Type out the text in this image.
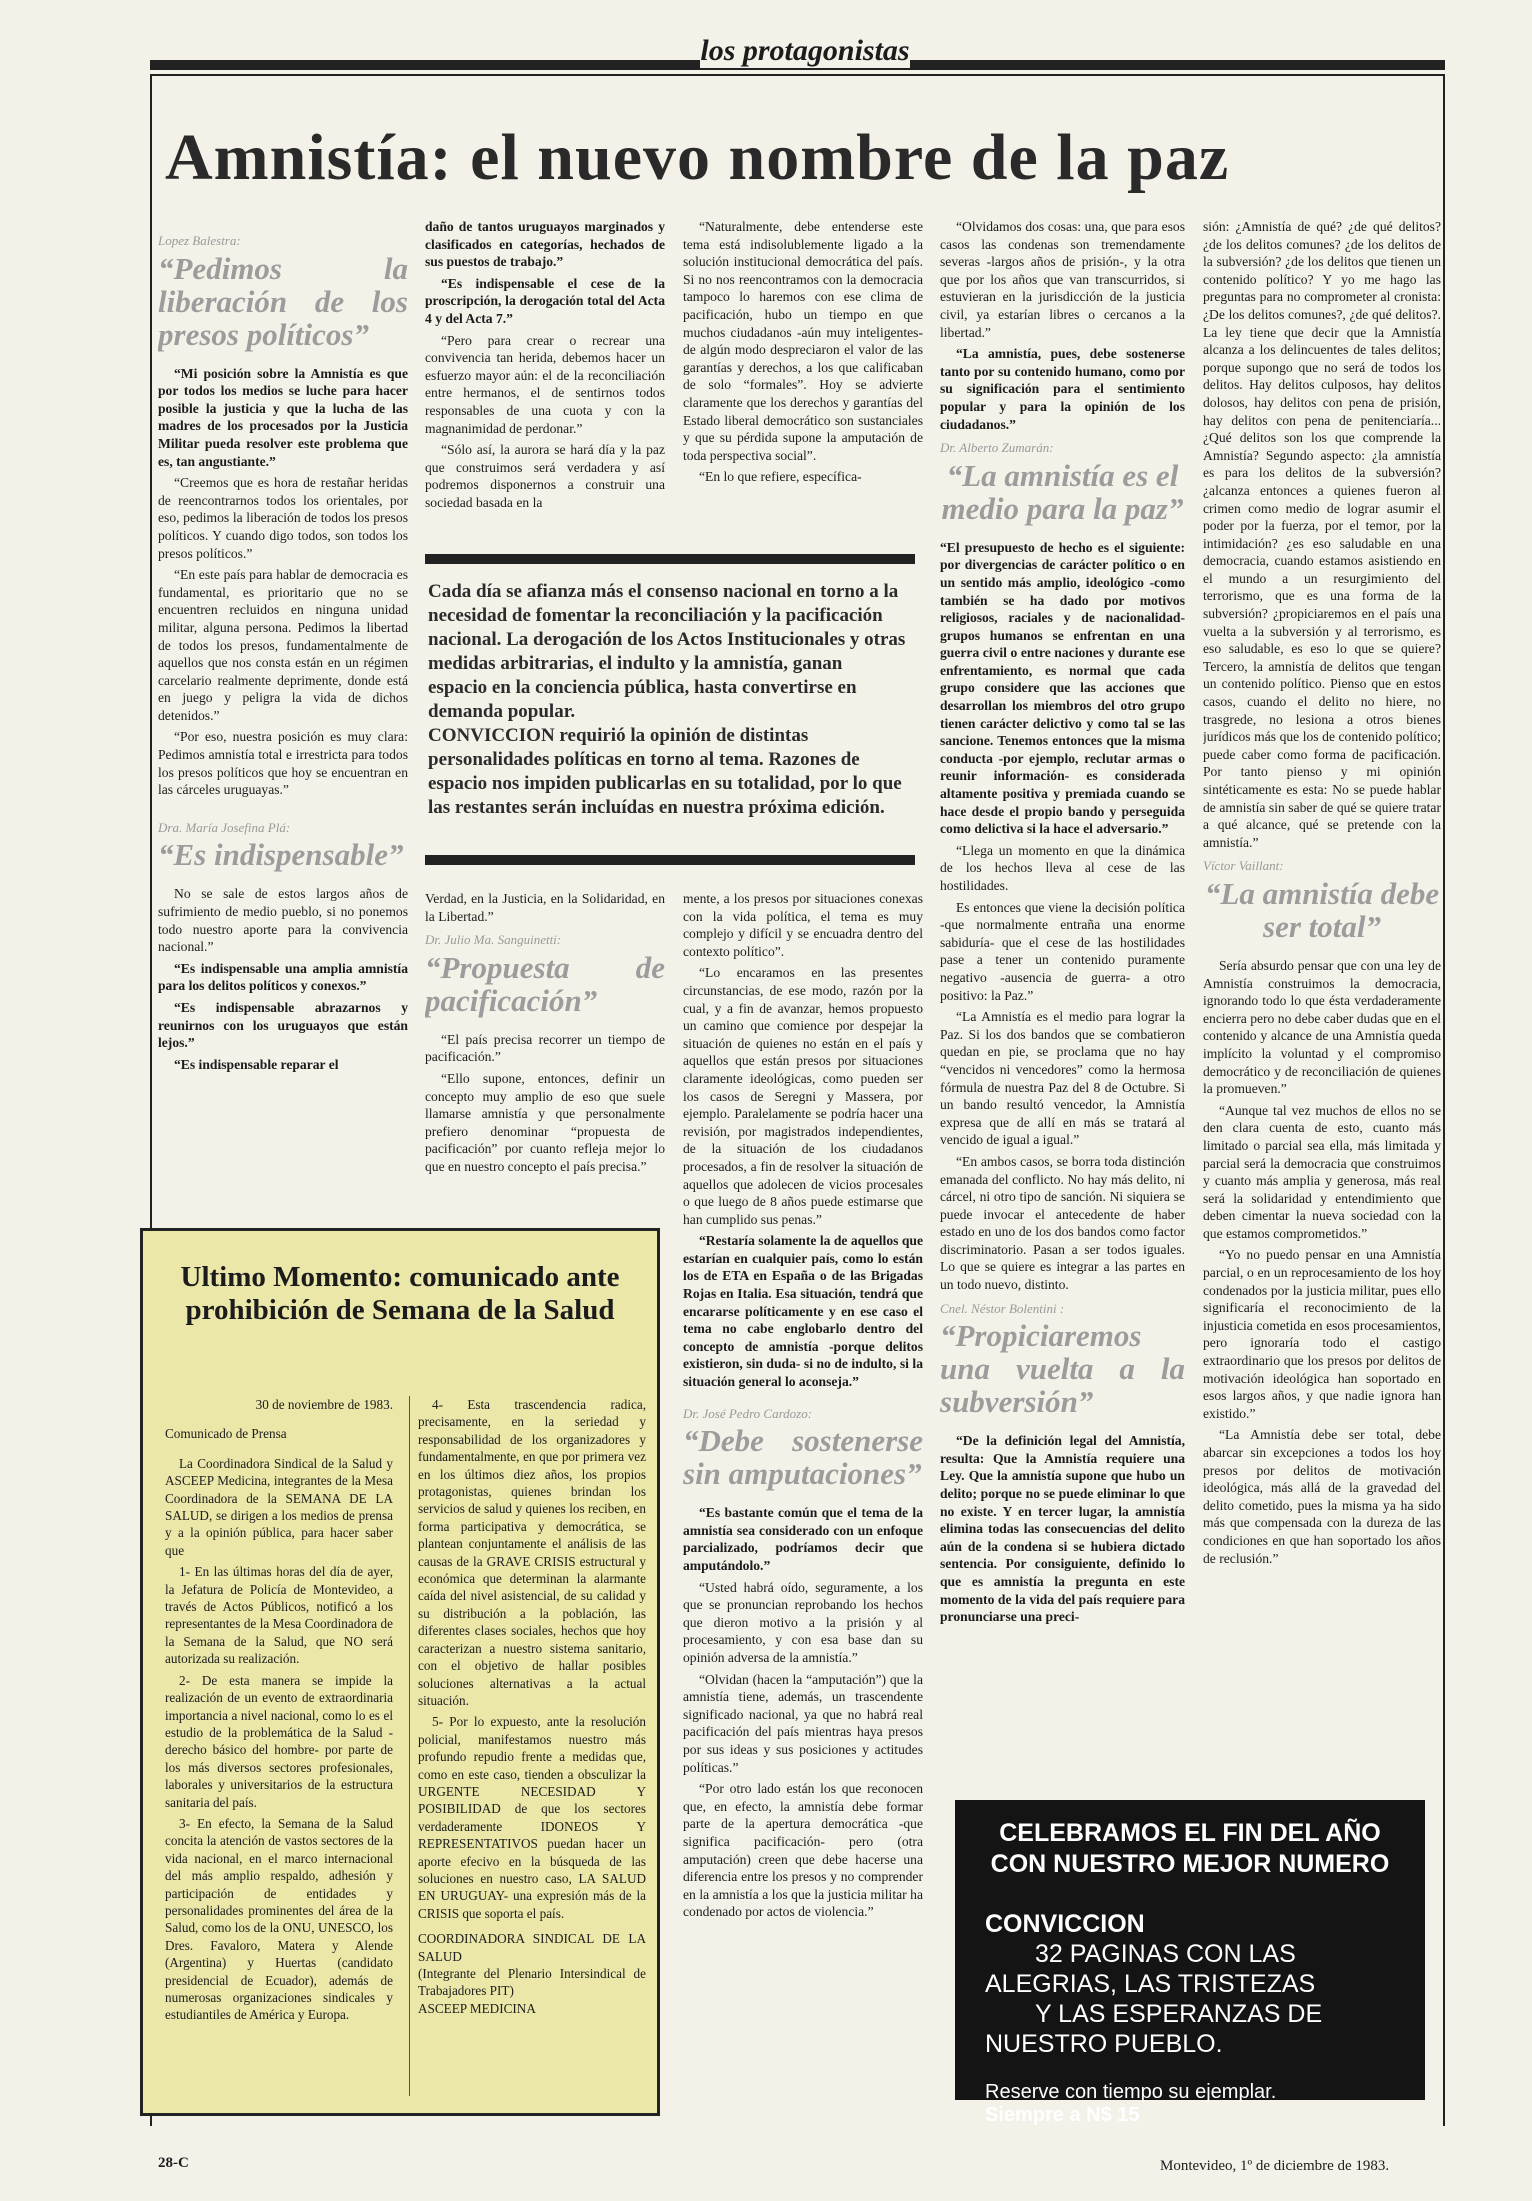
los protagonistas
Amnistía: el nuevo nombre de la paz
Lopez Balestra:
“Pedimos la liberación de los presos políticos”

“Mi posición sobre la Amnistía es que por todos los medios se luche para hacer posible la justicia y que la lucha de las madres de los procesados por la Justicia Militar pueda resolver este problema que es, tan angustiante.”

“Creemos que es hora de restañar heridas de reencontrarnos todos los orientales, por eso, pedimos la liberación de todos los presos políticos. Y cuando digo todos, son todos los presos políticos.”

“En este país para hablar de democracia es fundamental, es prioritario que no se encuentren recluidos en ninguna unidad militar, alguna persona. Pedimos la libertad de todos los presos, fundamentalmente de aquellos que nos consta están en un régimen carcelario realmente deprimente, donde está en juego y peligra la vida de dichos detenidos.”

“Por eso, nuestra posición es muy clara: Pedimos amnistía total e irrestricta para todos los presos políticos que hoy se encuentran en las cárceles uruguayas.”

Dra. María Josefina Plá:
“Es indispensable”

No se sale de estos largos años de sufrimiento de medio pueblo, si no ponemos todo nuestro aporte para la convivencia nacional.”

“Es indispensable una amplia amnistía para los delitos políticos y conexos.”

“Es indispensable abrazarnos y reunirnos con los uruguayos que están lejos.”

“Es indispensable reparar el

daño de tantos uruguayos marginados y clasificados en categorías, hechados de sus puestos de trabajo.”

“Es indispensable el cese de la proscripción, la derogación total del Acta 4 y del Acta 7.”

“Pero para crear o recrear una convivencia tan herida, debemos hacer un esfuerzo mayor aún: el de la reconciliación entre hermanos, el de sentirnos todos responsables de una cuota y con la magnanimidad de perdonar.”

“Sólo así, la aurora se hará día y la paz que construimos será verdadera y así podremos disponernos a construir una sociedad basada en la

“Naturalmente, debe entenderse este tema está indisolublemente ligado a la solución institucional democrática del país. Si no nos reencontramos con la democracia tampoco lo haremos con ese clima de pacificación, hubo un tiempo en que muchos ciudadanos -aún muy inteligentes- de algún modo despreciaron el valor de las garantías y derechos, a los que calificaban de solo “formales”. Hoy se advierte claramente que los derechos y garantías del Estado liberal democrático son sustanciales y que su pérdida supone la amputación de toda perspectiva social”.

“En lo que refiere, específica-

Cada día se afianza más el consenso nacional en torno a la necesidad de fomentar la reconciliación y la pacificación nacional. La derogación de los Actos Institucionales y otras medidas arbitrarias, el indulto y la amnistía, ganan espacio en la conciencia pública, hasta convertirse en demanda popular.

CONVICCION requirió la opinión de distintas personalidades políticas en torno al tema. Razones de espacio nos impiden publicarlas en su totalidad, por lo que las restantes serán incluídas en nuestra próxima edición.

Verdad, en la Justicia, en la Solidaridad, en la Libertad.”

Dr. Julio Ma. Sanguinetti:
“Propuesta de pacificación”

“El país precisa recorrer un tiempo de pacificación.”

“Ello supone, entonces, definir un concepto muy amplio de eso que suele llamarse amnistía y que personalmente prefiero denominar “propuesta de pacificación” por cuanto refleja mejor lo que en nuestro concepto el país precisa.”

mente, a los presos por situaciones conexas con la vida política, el tema es muy complejo y difícil y se encuadra dentro del contexto político”.

“Lo encaramos en las presentes circunstancias, de ese modo, razón por la cual, y a fin de avanzar, hemos propuesto un camino que comience por despejar la situación de quienes no están en el país y aquellos que están presos por situaciones claramente ideológicas, como pueden ser los casos de Seregni y Massera, por ejemplo. Paralelamente se podría hacer una revisión, por magistrados independientes, de la situación de los ciudadanos procesados, a fin de resolver la situación de aquellos que adolecen de vicios procesales o que luego de 8 años puede estimarse que han cumplido sus penas.”

“Restaría solamente la de aquellos que estarían en cualquier país, como lo están los de ETA en España o de las Brigadas Rojas en Italia. Esa situación, tendrá que encararse políticamente y en ese caso el tema no cabe englobarlo dentro del concepto de amnistía -porque delitos existieron, sin duda- si no de indulto, si la situación general lo aconseja.”

Dr. José Pedro Cardozo:
“Debe sostenerse sin amputaciones”

“Es bastante común que el tema de la amnistía sea considerado con un enfoque parcializado, podríamos decir que amputándolo.”

“Usted habrá oído, seguramente, a los que se pronuncian reprobando los hechos que dieron motivo a la prisión y al procesamiento, y con esa base dan su opinión adversa de la amnistía.”

“Olvidan (hacen la “amputación”) que la amnistía tiene, además, un trascendente significado nacional, ya que no habrá real pacificación del país mientras haya presos por sus ideas y sus posiciones y actitudes políticas.”

“Por otro lado están los que reconocen que, en efecto, la amnistía debe formar parte de la apertura democrática -que significa pacificación- pero (otra amputación) creen que debe hacerse una diferencia entre los presos y no comprender en la amnistía a los que la justicia militar ha condenado por actos de violencia.”

“Olvidamos dos cosas: una, que para esos casos las condenas son tremendamente severas -largos años de prisión-, y la otra que por los años que van transcurridos, si estuvieran en la jurisdicción de la justicia civil, ya estarían libres o cercanos a la libertad.”

“La amnistía, pues, debe sostenerse tanto por su contenido humano, como por su significación para el sentimiento popular y para la opinión de los ciudadanos.”

Dr. Alberto Zumarán:
“La amnistía es el medio para la paz”

“El presupuesto de hecho es el siguiente: por divergencias de carácter político o en un sentido más amplio, ideológico -como también se ha dado por motivos religiosos, raciales y de nacionalidad- grupos humanos se enfrentan en una guerra civil o entre naciones y durante ese enfrentamiento, es normal que cada grupo considere que las acciones que desarrollan los miembros del otro grupo tienen carácter delictivo y como tal se las sancione. Tenemos entonces que la misma conducta -por ejemplo, reclutar armas o reunir información- es considerada altamente positiva y premiada cuando se hace desde el propio bando y perseguida como delictiva si la hace el adversario.”

“Llega un momento en que la dinámica de los hechos lleva al cese de las hostilidades.

Es entonces que viene la decisión política -que normalmente entraña una enorme sabiduría- que el cese de las hostilidades pase a tener un contenido puramente negativo -ausencia de guerra- a otro positivo: la Paz.”

“La Amnistía es el medio para lograr la Paz. Si los dos bandos que se combatieron quedan en pie, se proclama que no hay “vencidos ni vencedores” como la hermosa fórmula de nuestra Paz del 8 de Octubre. Si un bando resultó vencedor, la Amnistía expresa que de allí en más se tratará al vencido de igual a igual.”

“En ambos casos, se borra toda distinción emanada del conflicto. No hay más delito, ni cárcel, ni otro tipo de sanción. Ni siquiera se puede invocar el antecedente de haber estado en uno de los dos bandos como factor discriminatorio. Pasan a ser todos iguales. Lo que se quiere es integrar a las partes en un todo nuevo, distinto.

Cnel. Néstor Bolentini :
“Propiciaremos una vuelta a la subversión”

“De la definición legal del Amnistía, resulta: Que la Amnistía requiere una Ley. Que la amnistía supone que hubo un delito; porque no se puede eliminar lo que no existe. Y en tercer lugar, la amnistía elimina todas las consecuencias del delito aún de la condena si se hubiera dictado sentencia. Por consiguiente, definido lo que es amnistía la pregunta en este momento de la vida del país requiere para pronunciarse una preci-

sión: ¿Amnistía de qué? ¿de qué delitos? ¿de los delitos comunes? ¿de los delitos de la subversión? ¿de los delitos que tienen un contenido político? Y yo me hago las preguntas para no comprometer al cronista: ¿De los delitos comunes?, ¿de qué delitos?. La ley tiene que decir que la Amnistía alcanza a los delincuentes de tales delitos; porque supongo que no será de todos los delitos. Hay delitos culposos, hay delitos dolosos, hay delitos con pena de prisión, hay delitos con pena de penitenciaría... ¿Qué delitos son los que comprende la Amnistía? Segundo aspecto: ¿la amnistía es para los delitos de la subversión? ¿alcanza entonces a quienes fueron al crimen como medio de lograr asumir el poder por la fuerza, por el temor, por la intimidación? ¿es eso saludable en una democracia, cuando estamos asistiendo en el mundo a un resurgimiento del terrorismo, que es una forma de la subversión? ¿propiciaremos en el país una vuelta a la subversión y al terrorismo, es eso saludable, es eso lo que se quiere? Tercero, la amnistía de delitos que tengan un contenido político. Pienso que en estos casos, cuando el delito no hiere, no trasgrede, no lesiona a otros bienes jurídicos más que los de contenido político; puede caber como forma de pacificación. Por tanto pienso y mi opinión sintéticamente es esta: No se puede hablar de amnistía sin saber de qué se quiere tratar a qué alcance, qué se pretende con la amnistía.”

Víctor Vaillant:
“La amnistía debe ser total”

Sería absurdo pensar que con una ley de Amnistía construimos la democracia, ignorando todo lo que ésta verdaderamente encierra pero no debe caber dudas que en el contenido y alcance de una Amnistía queda implícito la voluntad y el compromiso democrático y de reconciliación de quienes la promueven.”

“Aunque tal vez muchos de ellos no se den clara cuenta de esto, cuanto más limitado o parcial sea ella, más limitada y parcial será la democracia que construimos y cuanto más amplia y generosa, más real será la solidaridad y entendimiento que deben cimentar la nueva sociedad con la que estamos comprometidos.”

“Yo no puedo pensar en una Amnistía parcial, o en un reprocesamiento de los hoy condenados por la justicia militar, pues ello significaría el reconocimiento de la injusticia cometida en esos procesamientos, pero ignoraría todo el castigo extraordinario que los presos por delitos de motivación ideológica han soportado en esos largos años, y que nadie ignora han existido.”

“La Amnistía debe ser total, debe abarcar sin excepciones a todos los hoy presos por delitos de motivación ideológica, más allá de la gravedad del delito cometido, pues la misma ya ha sido más que compensada con la dureza de las condiciones en que han soportado los años de reclusión.”

Ultimo Momento: comunicado ante prohibición de Semana de la Salud

30 de noviembre de 1983.

Comunicado de Prensa

La Coordinadora Sindical de la Salud y ASCEEP Medicina, integrantes de la Mesa Coordinadora de la SEMANA DE LA SALUD, se dirigen a los medios de prensa y a la opinión pública, para hacer saber que

1- En las últimas horas del día de ayer, la Jefatura de Policía de Montevideo, a través de Actos Públicos, notificó a los representantes de la Mesa Coordinadora de la Semana de la Salud, que NO será autorizada su realización.

2- De esta manera se impide la realización de un evento de extraordinaria importancia a nivel nacional, como lo es el estudio de la problemática de la Salud -derecho básico del hombre- por parte de los más diversos sectores profesionales, laborales y universitarios de la estructura sanitaria del país.

3- En efecto, la Semana de la Salud concita la atención de vastos sectores de la vida nacional, en el marco internacional del más amplio respaldo, adhesión y participación de entidades y personalidades prominentes del área de la Salud, como los de la ONU, UNESCO, los Dres. Favaloro, Matera y Alende (Argentina) y Huertas (candidato presidencial de Ecuador), además de numerosas organizaciones sindicales y estudiantiles de América y Europa.

4- Esta trascendencia radica, precisamente, en la seriedad y responsabilidad de los organizadores y fundamentalmente, en que por primera vez en los últimos diez años, los propios protagonistas, quienes brindan los servicios de salud y quienes los reciben, en forma participativa y democrática, se plantean conjuntamente el análisis de las causas de la GRAVE CRISIS estructural y económica que determinan la alarmante caída del nivel asistencial, de su calidad y su distribución a la población, las diferentes clases sociales, hechos que hoy caracterizan a nuestro sistema sanitario, con el objetivo de hallar posibles soluciones alternativas a la actual situación.

5- Por lo expuesto, ante la resolución policial, manifestamos nuestro más profundo repudio frente a medidas que, como en este caso, tienden a obsculizar la URGENTE NECESIDAD Y POSIBILIDAD de que los sectores verdaderamente IDONEOS Y REPRESENTATIVOS puedan hacer un aporte efecivo en la búsqueda de las soluciones en nuestro caso, LA SALUD EN URUGUAY- una expresión más de la CRISIS que soporta el país.

COORDINADORA SINDICAL DE LA SALUD

(Integrante del Plenario Intersindical de Trabajadores PIT)

ASCEEP MEDICINA

CELEBRAMOS EL FIN DEL AÑO
CON NUESTRO MEJOR NUMERO
CONVICCION
32 PAGINAS CON LAS
ALEGRIAS, LAS TRISTEZAS
Y LAS ESPERANZAS DE
NUESTRO PUEBLO.
Reserve con tiempo su ejemplar.
Siempre a N$ 15
28-C	Montevideo, 1º de diciembre de 1983.
